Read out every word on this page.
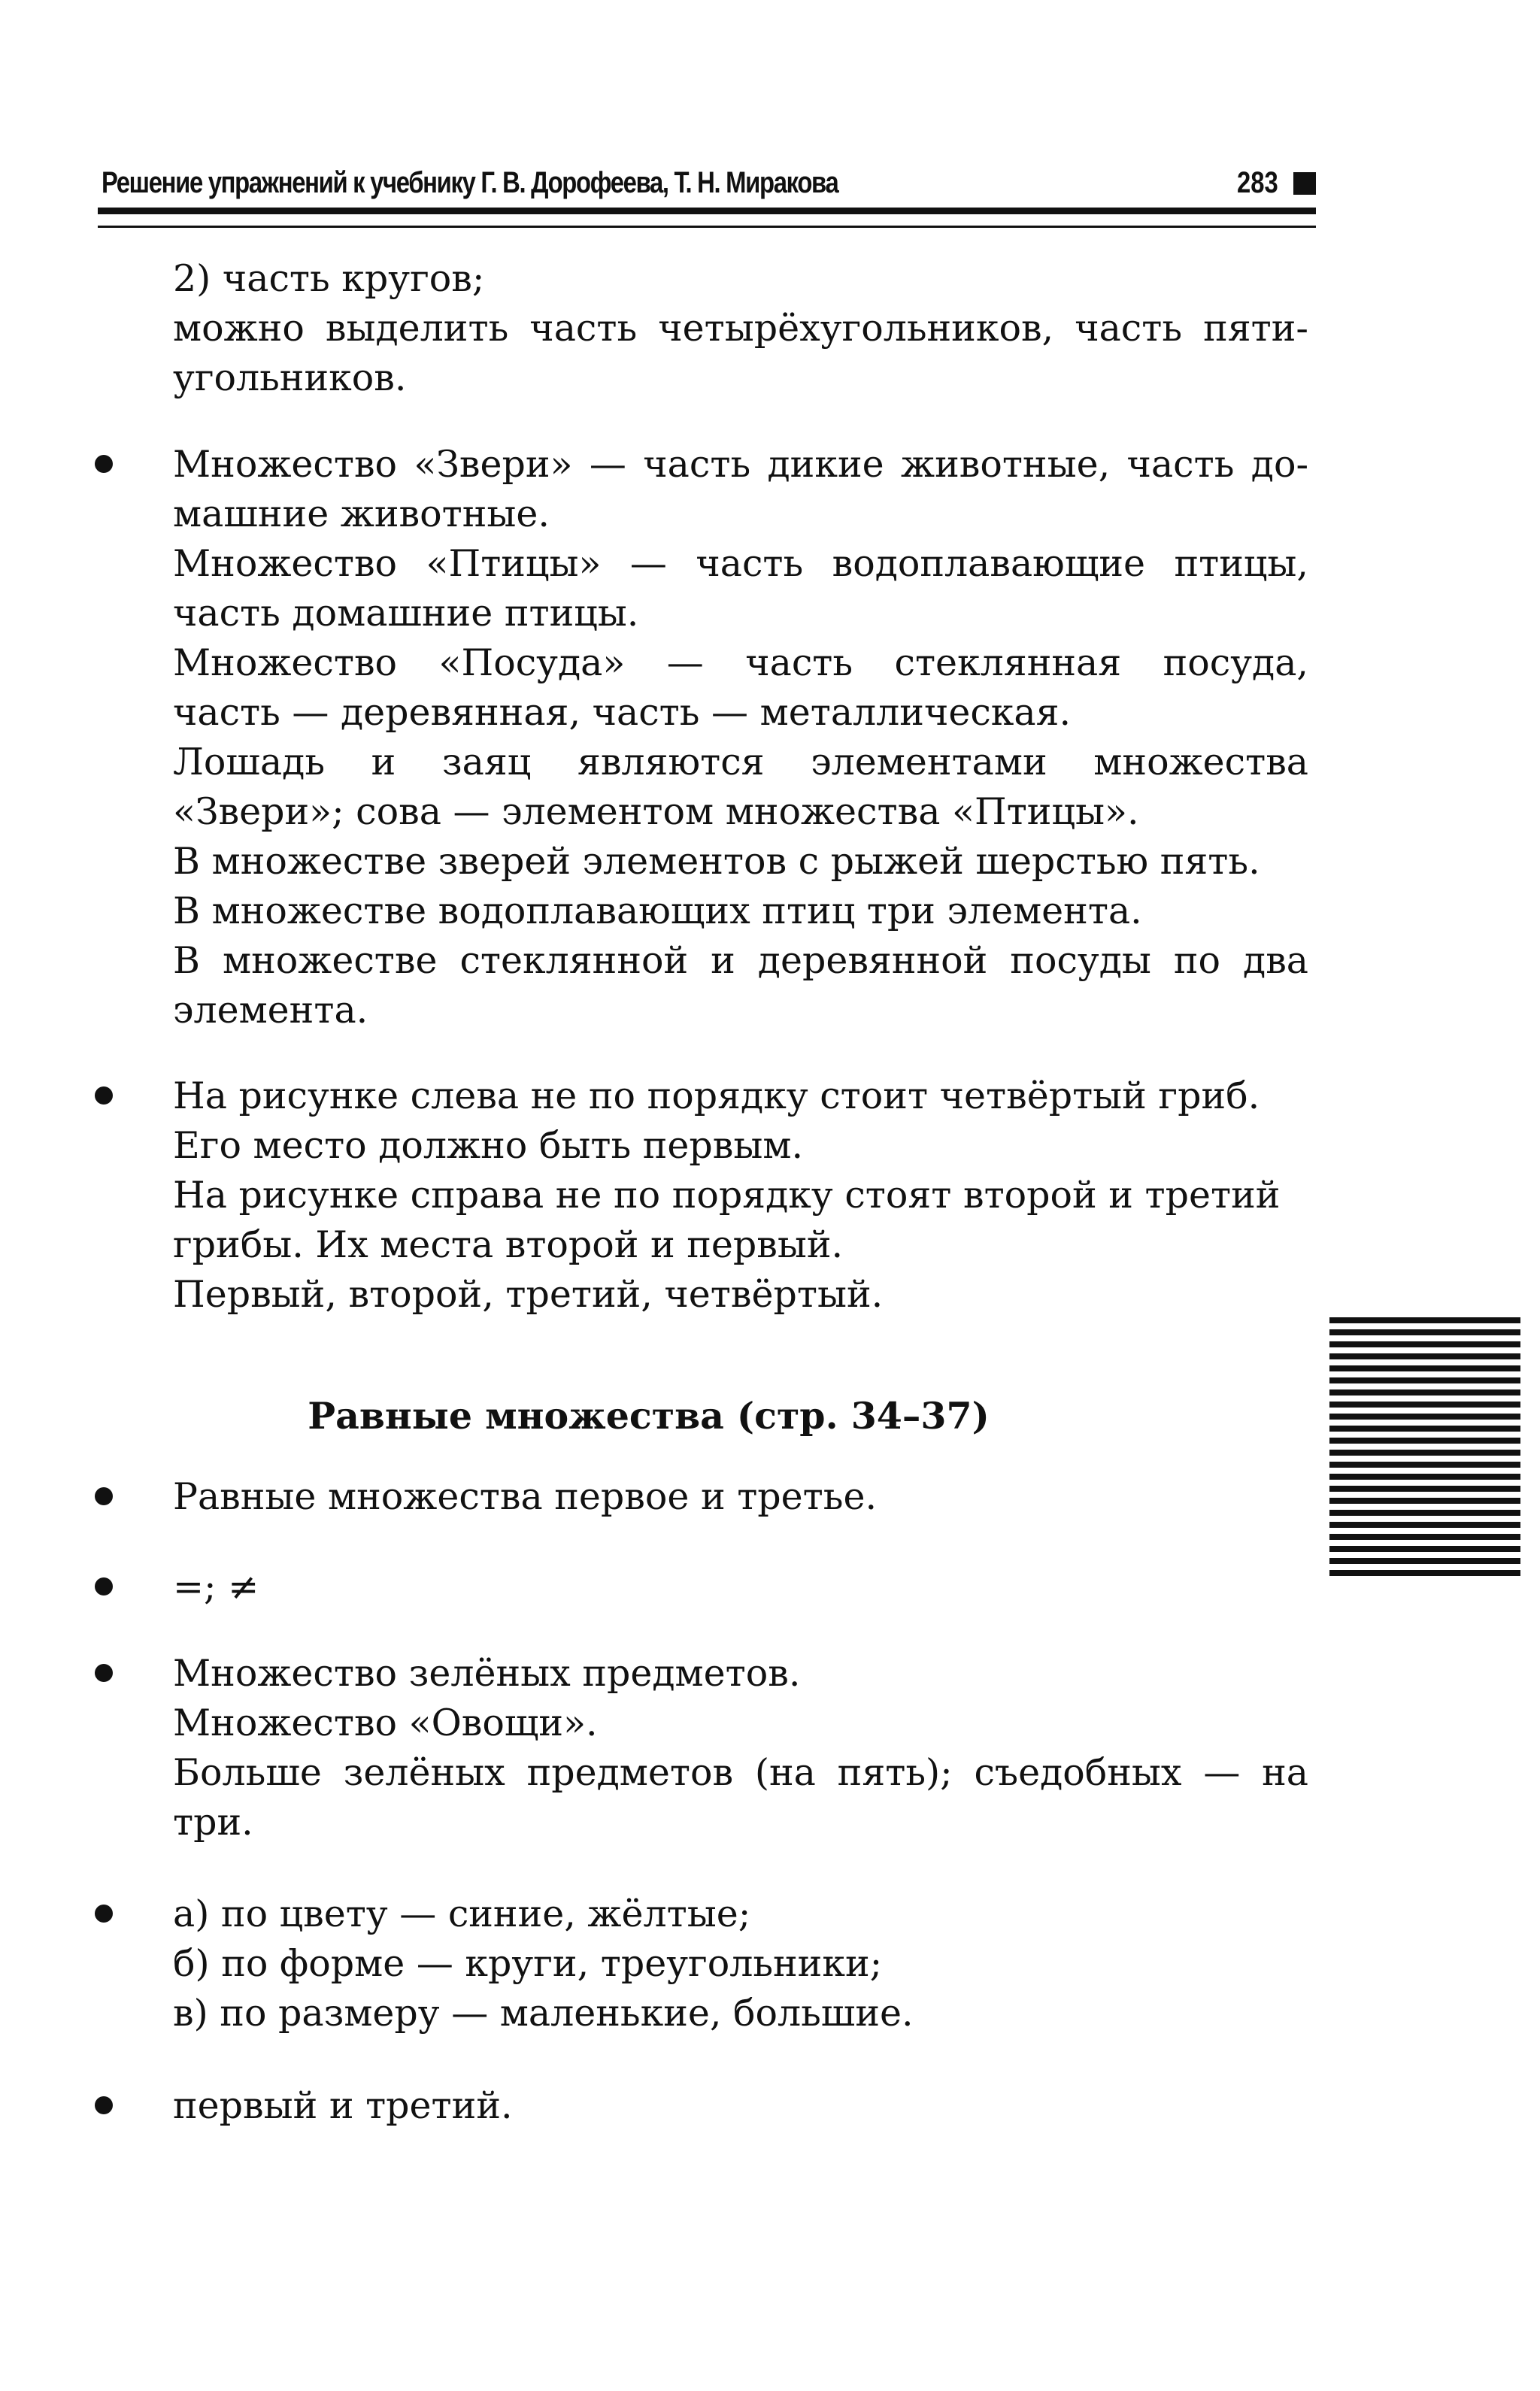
Решение упражнений к учебнику Г. В. Дорофеева, Т. Н. Миракова	283
2) часть кругов;
можно выделить часть четырёхугольников, часть пяти-
угольников.
Множество «Звери» — часть дикие животные, часть до-
машние животные.
Множество «Птицы» — часть водоплавающие птицы,
часть домашние птицы.
Множество «Посуда» — часть стеклянная посуда,
часть — деревянная, часть — металлическая.
Лошадь и заяц являются элементами множества
«Звери»; сова — элементом множества «Птицы».
В множестве зверей элементов с рыжей шерстью пять.
В множестве водоплавающих птиц три элемента.
В множестве стеклянной и деревянной посуды по два
элемента.
На рисунке слева не по порядку стоит четвёртый гриб.
Его место должно быть первым.
На рисунке справа не по порядку стоят второй и третий
грибы. Их места второй и первый.
Первый, второй, третий, четвёртый.
Равные множества (стр. 34–37)
Равные множества первое и третье.
=; ≠
Множество зелёных предметов.
Множество «Овощи».
Больше зелёных предметов (на пять); съедобных — на
три.
а) по цвету — синие, жёлтые;
б) по форме — круги, треугольники;
в) по размеру — маленькие, большие.
первый и третий.
